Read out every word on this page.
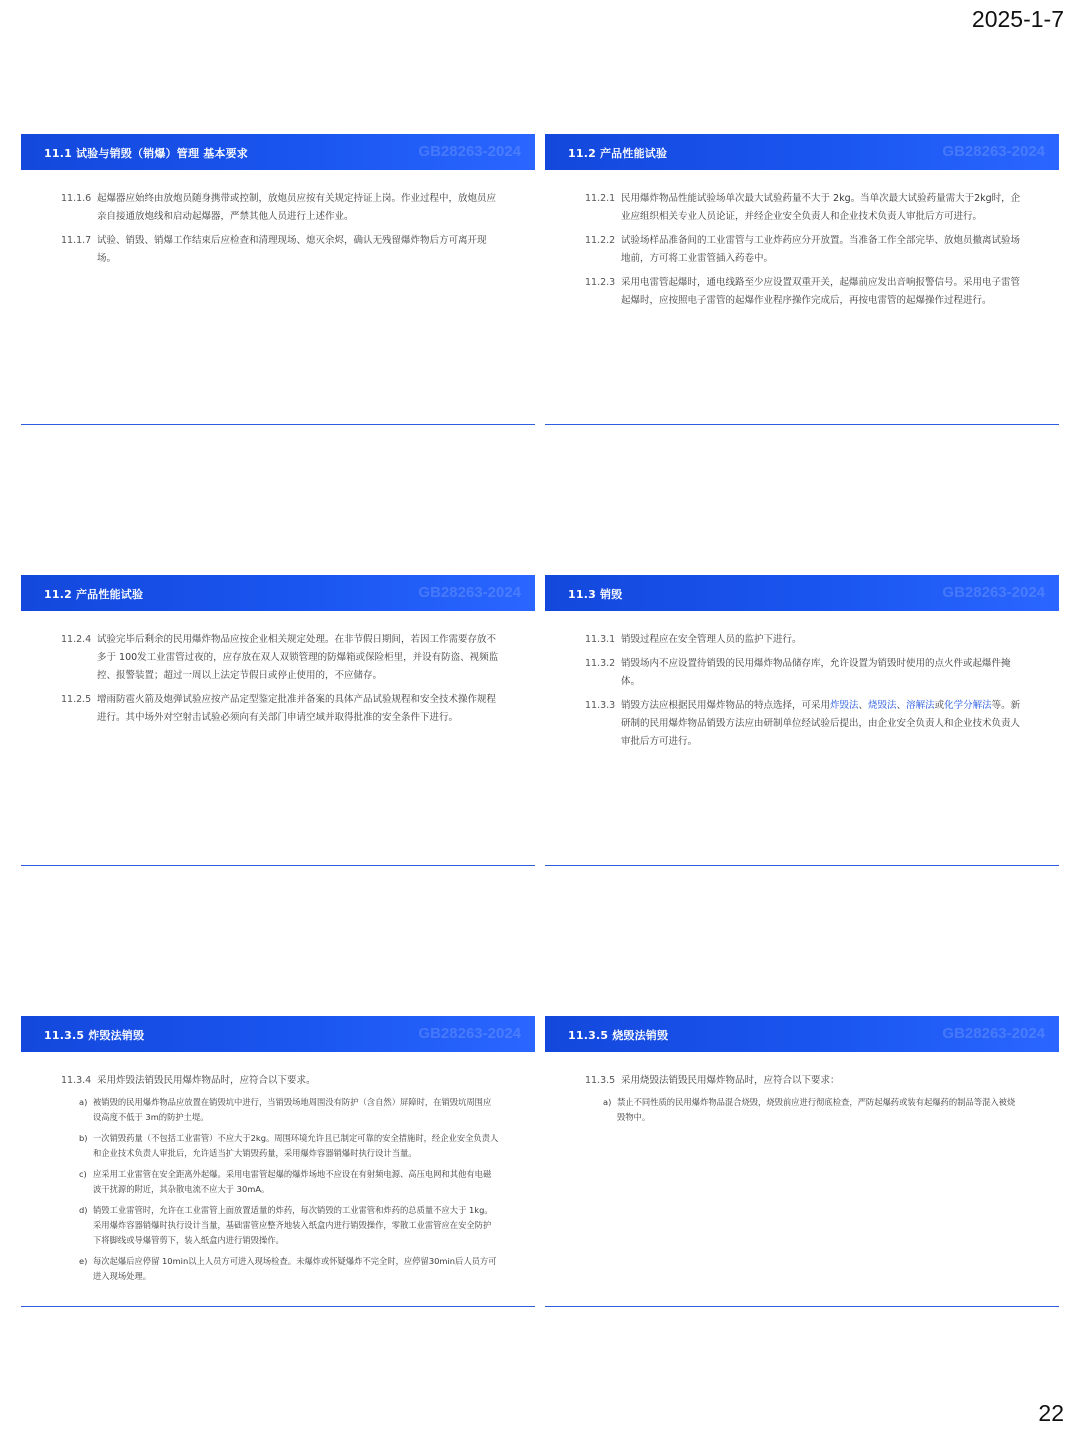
2025-1-7
11.1 试验与销毁（销爆）管理 基本要求	GB28263-2024
11.1.6 起爆器应始终由放炮员随身携带或控制，放炮员应按有关规定持证上岗。作业过程中，放炮员应亲自接通放炮线和启动起爆器，严禁其他人员进行上述作业。
11.1.7 试验、销毁、销爆工作结束后应检查和清理现场、熄灭余烬，确认无残留爆炸物后方可离开现场。
11.2 产品性能试验	GB28263-2024
11.2.1 民用爆炸物品性能试验场单次最大试验药量不大于 2kg。当单次最大试验药量需大于2kg时，企业应组织相关专业人员论证，并经企业安全负责人和企业技术负责人审批后方可进行。
11.2.2 试验场样品准备间的工业雷管与工业炸药应分开放置。当准备工作全部完毕、放炮员撤离试验场地前，方可将工业雷管插入药卷中。
11.2.3 采用电雷管起爆时，通电线路至少应设置双重开关，起爆前应发出音响报警信号。采用电子雷管起爆时，应按照电子雷管的起爆作业程序操作完成后，再按电雷管的起爆操作过程进行。
11.2 产品性能试验	GB28263-2024
11.2.4 试验完毕后剩余的民用爆炸物品应按企业相关规定处理。在非节假日期间，若因工作需要存放不多于 100发工业雷管过夜的，应存放在双人双锁管理的防爆箱或保险柜里，并设有防盗、视频监控、报警装置；超过一周以上法定节假日或停止使用的，不应储存。
11.2.5 增雨防雹火箭及炮弹试验应按产品定型鉴定批准并备案的具体产品试验规程和安全技术操作规程进行。其中场外对空射击试验必须向有关部门申请空域并取得批准的安全条件下进行。
11.3 销毁	GB28263-2024
11.3.1 销毁过程应在安全管理人员的监护下进行。
11.3.2 销毁场内不应设置待销毁的民用爆炸物品储存库，允许设置为销毁时使用的点火件或起爆件掩体。
11.3.3 销毁方法应根据民用爆炸物品的特点选择，可采用炸毁法、烧毁法、溶解法或化学分解法等。新研制的民用爆炸物品销毁方法应由研制单位经试验后提出，由企业安全负责人和企业技术负责人审批后方可进行。
11.3.5 炸毁法销毁	GB28263-2024
11.3.4 采用炸毁法销毁民用爆炸物品时，应符合以下要求。
a) 被销毁的民用爆炸物品应放置在销毁坑中进行，当销毁场地周围没有防护（含自然）屏障时，在销毁坑周围应设高度不低于 3m的防护土堤。
b) 一次销毁药量（不包括工业雷管）不应大于2kg。周围环境允许且已制定可靠的安全措施时，经企业安全负责人和企业技术负责人审批后，允许适当扩大销毁药量，采用爆炸容器销爆时执行设计当量。
c) 应采用工业雷管在安全距离外起爆。采用电雷管起爆的爆炸场地不应设在有射频电源、高压电网和其他有电磁波干扰源的附近，其杂散电流不应大于 30mA。
d) 销毁工业雷管时，允许在工业雷管上面放置适量的炸药，每次销毁的工业雷管和炸药的总质量不应大于 1kg。采用爆炸容器销爆时执行设计当量，基础雷管应整齐地装入纸盒内进行销毁操作，零散工业雷管应在安全防护下将脚线或导爆管剪下，装入纸盒内进行销毁操作。
e) 每次起爆后应停留 10min以上人员方可进入现场检查。未爆炸或怀疑爆炸不完全时，应停留30min后人员方可进入现场处理。
11.3.5 烧毁法销毁	GB28263-2024
11.3.5 采用烧毁法销毁民用爆炸物品时，应符合以下要求：
a) 禁止不同性质的民用爆炸物品混合烧毁，烧毁前应进行彻底检查，严防起爆药或装有起爆药的制品等混入被烧毁物中。
22
